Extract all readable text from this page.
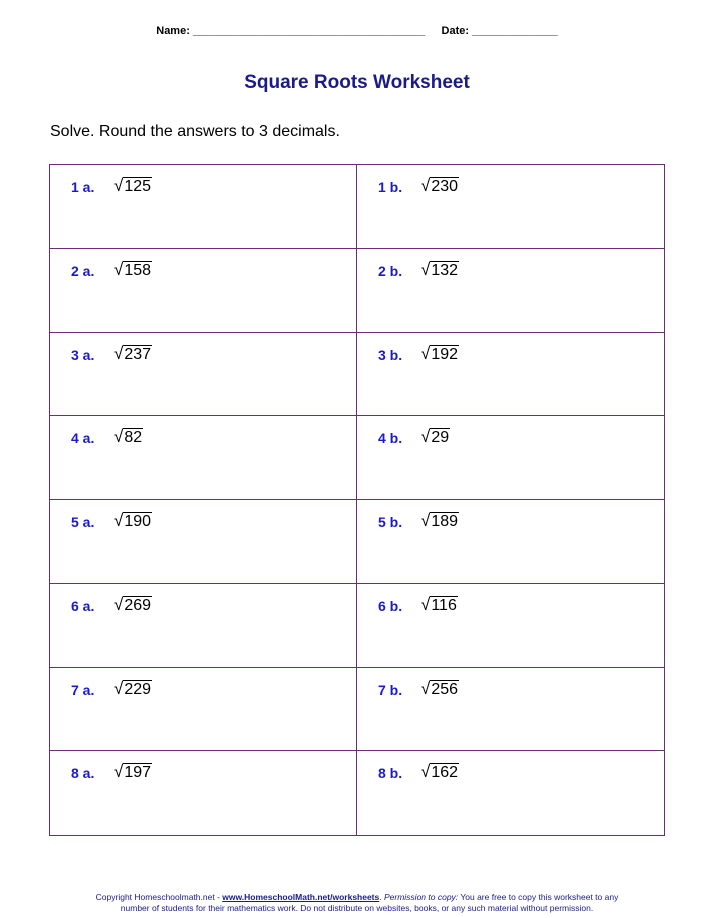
Name: ______________________________________ Date: ______________
Square Roots Worksheet
Solve. Round the answers to 3 decimals.
1 a. √125	1 b. √230
2 a. √158	2 b. √132
3 a. √237	3 b. √192
4 a. √82	4 b. √29
5 a. √190	5 b. √189
6 a. √269	6 b. √116
7 a. √229	7 b. √256
8 a. √197	8 b. √162
Copyright Homeschoolmath.net - www.HomeschoolMath.net/worksheets. Permission to copy: You are free to copy this worksheet to any
number of students for their mathematics work. Do not distribute on websites, books, or any such material without permission.
